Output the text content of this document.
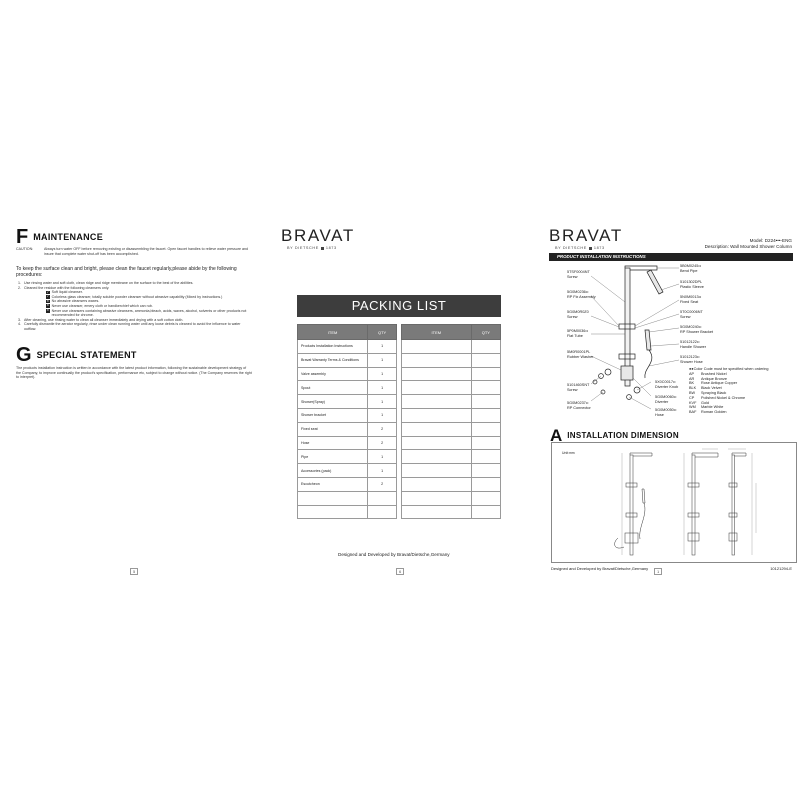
F MAINTENANCE
CAUTION:	Always turn water OFF before removing existing or disassembling the faucet. Open faucet handles to relieve water pressure and insure that complete water shut-off has been accomplished.
To keep the surface clean and bright, please clean the faucet regularly,please abide by the following procedures:
1. Use rinsing water and soft cloth, clean ridge and ridge membrane on the surface to the best of the abilities.
2. Cleaned the residue with the following cleansers only.
✓ Soft liquid cleanser.
✓ Colorless glass cleanser, totally soluble powder cleanser without abrasive capability (Mixed by instructions.)
✕ No abrasive cleansers waxes.
✕ Never use cleanser, emery cloth or handkerchief which can rub.
✕ Never use cleansers containing abrasive cleansers, ammonia,bleach, acids, waxes, alcohol, solvents or other products not recommended for chrome.
3. After cleaning, use rinsing water to clean all cleanser immediately and drying with a soft cotton cloth.
4. Carefully dismantle the aerator regularly, rinse under clean running water until any loose debris is cleaned to avoid the influence to water outflow.
G SPECIAL STATEMENT
The products installation instruction is written in accordance with the latest product information, following the sustainable development strategy of the Company, to improve continually the product's specification, performance etc, subject to change without notice. (The Company reserves the right to interpret).
5
BRAVAT
BY DIETSCHE 1873
PACKING LIST
ITEM	QTY
Products Installation Instructions	1
Bravat Warranty Terms & Conditions	1
Valve assembly	1
Spout	1
Shower(Spray)	1
Shower bracket	1
Fixed seat	2
Hose	2
Pipe	1
Accessories (pack)	1
Escutcheon	2

ITEM	QTY

Designed and Developed by Bravat/Dietsche,Germany
6
BRAVAT
BY DIETSCHE 1873
Model: D224•••-ENG
Description: Wall Mounted Shower Column
PRODUCT INSTALLATION INSTRUCTIONS
5TSF0004NT
Screw
5G0M0236••
RP Fix Assembly
5G0M0R0Z0
Screw
5P0M0036••
Flat Tube
5M0R0001PL
Rubber Washer
5101460SNT
Screw
5G0M0237••
RP Connector
5B0M0245••
Bend Pipe
5101302DPL
Plastic Sleeve
5N0M0013••
Fixed Seat
5T0C0006NT
Screw
5G0M0240••
RP Shower Bracket
51012122••
Handle Shower
51012123••
Shower Hose
5X0C0017••
Diverter Knob
5G0M0060••
Diverter
5G0M0050••
Hose
●●Color Code must be specified when ordering
AP Brushed Nickel
AR Antique Bronze
BK Rose Antique Copper
BLK Black Velvet
BW Spraying Black
CP Polished Nickel & Chrome
KVF Gold
WM Marble White
BAF Roman Golden
A INSTALLATION DIMENSION
Unit:mm
Designed and Developed by Bravat/Dietsche,Germany
1
10121294-E
